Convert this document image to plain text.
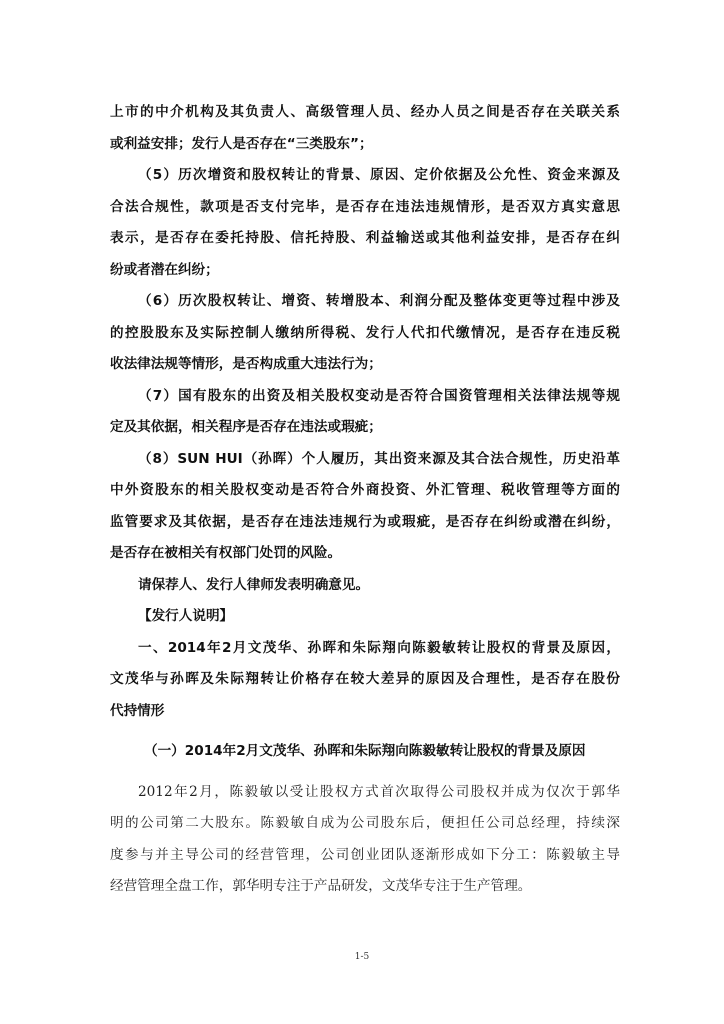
上市的中介机构及其负责人、高级管理人员、经办人员之间是否存在关联关系
或利益安排；发行人是否存在“三类股东”；
（5）历次增资和股权转让的背景、原因、定价依据及公允性、资金来源及
合法合规性，款项是否支付完毕，是否存在违法违规情形，是否双方真实意思
表示，是否存在委托持股、信托持股、利益输送或其他利益安排，是否存在纠
纷或者潜在纠纷；
（6）历次股权转让、增资、转增股本、利润分配及整体变更等过程中涉及
的控股股东及实际控制人缴纳所得税、发行人代扣代缴情况，是否存在违反税
收法律法规等情形，是否构成重大违法行为；
（7）国有股东的出资及相关股权变动是否符合国资管理相关法律法规等规
定及其依据，相关程序是否存在违法或瑕疵；
（8）SUN HUI（孙晖）个人履历，其出资来源及其合法合规性，历史沿革
中外资股东的相关股权变动是否符合外商投资、外汇管理、税收管理等方面的
监管要求及其依据，是否存在违法违规行为或瑕疵，是否存在纠纷或潜在纠纷，
是否存在被相关有权部门处罚的风险。
请保荐人、发行人律师发表明确意见。
【发行人说明】
一、2014年2月文茂华、孙晖和朱际翔向陈毅敏转让股权的背景及原因，
文茂华与孙晖及朱际翔转让价格存在较大差异的原因及合理性，是否存在股份
代持情形
（一）2014年2月文茂华、孙晖和朱际翔向陈毅敏转让股权的背景及原因
2012年2月，陈毅敏以受让股权方式首次取得公司股权并成为仅次于郭华
明的公司第二大股东。陈毅敏自成为公司股东后，便担任公司总经理，持续深
度参与并主导公司的经营管理，公司创业团队逐渐形成如下分工：陈毅敏主导
经营管理全盘工作，郭华明专注于产品研发，文茂华专注于生产管理。
1-5
